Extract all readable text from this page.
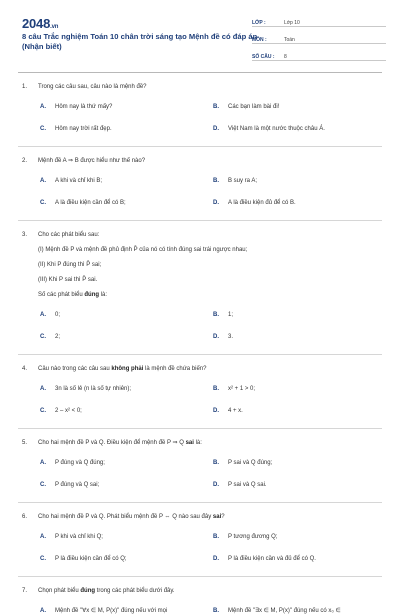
2048.vn
8 câu Trắc nghiệm Toán 10 chân trời sáng tạo Mệnh đề có đáp án (Nhận biết)
LỚP :	Lớp 10
MÔN :	Toán
SỐ CÂU :	8
1.	Trong các câu sau, câu nào là mệnh đề?
A.	Hôm nay là thứ mấy?	B.	Các bạn làm bài đi!
C.	Hôm nay trời rất đẹp.	D.	Việt Nam là một nước thuộc châu Á.
2.	Mệnh đề A ⇒ B được hiểu như thế nào?
A.	A khi và chỉ khi B;	B.	B suy ra A;
C.	A là điều kiện cần để có B;	D.	A là điều kiện đủ để có B.
3.	Cho các phát biểu sau:
(I) Mệnh đề P và mệnh đề phủ định P̄ của nó có tính đúng sai trái ngược nhau;
(II) Khi P đúng thì P̄ sai;
(III) Khi P sai thì P̄ sai.
Số các phát biểu đúng là:
A.	0;	B.	1;
C.	2;	D.	3.
4.	Câu nào trong các câu sau không phải là mệnh đề chứa biến?
A.	3n là số lẻ (n là số tự nhiên);	B.	x² + 1 > 0;
C.	2 – x² < 0;	D.	4 + x.
5.	Cho hai mệnh đề P và Q. Điều kiện để mệnh đề P ⇒ Q sai là:
A.	P đúng và Q đúng;	B.	P sai và Q đúng;
C.	P đúng và Q sai;	D.	P sai và Q sai.
6.	Cho hai mệnh đề P và Q. Phát biểu mệnh đề P ⇔ Q nào sau đây sai?
A.	P khi và chỉ khi Q;	B.	P tương đương Q;
C.	P là điều kiện cần để có Q;	D.	P là điều kiện cần và đủ để có Q.
7.	Chọn phát biểu đúng trong các phát biểu dưới đây.
A.	Mệnh đề "∀x ∈ M, P(x)" đúng nếu với mọi	B.	Mệnh đề "∃x ∈ M, P(x)" đúng nếu có x₀ ∈
